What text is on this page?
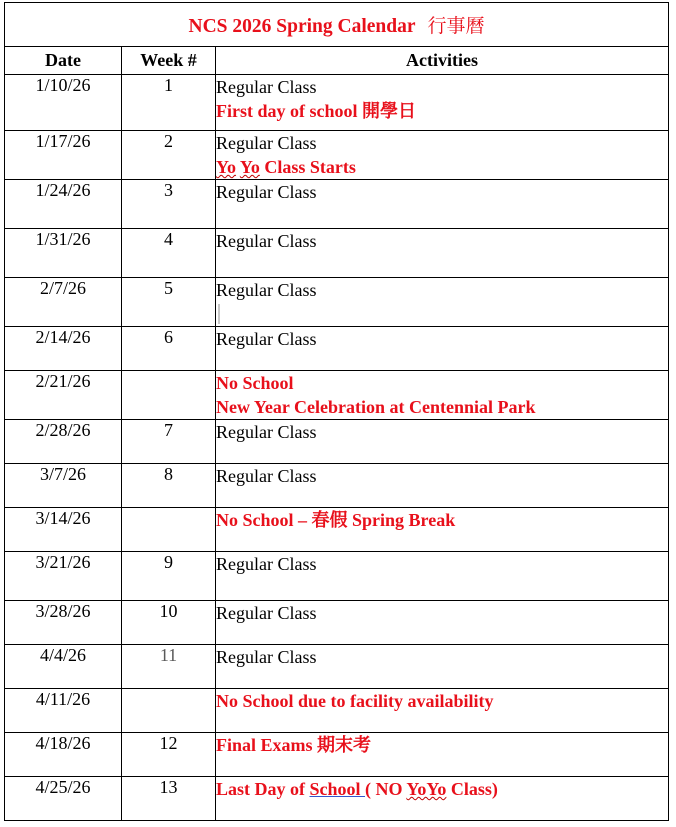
NCS 2026 Spring Calendar 行事曆		
Date	Week #	Activities
1/10/26	1	Regular Class
First day of school 開學日

1/17/26	2	Regular Class
Yo Yo Class Starts

1/24/26	3	Regular Class

1/31/26	4	Regular Class

2/7/26	5	Regular Class

2/14/26	6	Regular Class

2/21/26		No School
New Year Celebration at Centennial Park

2/28/26	7	Regular Class

3/7/26	8	Regular Class

3/14/26		No School – 春假 Spring Break

3/21/26	9	Regular Class

3/28/26	10	Regular Class

4/4/26	11	Regular Class

4/11/26		No School due to facility availability

4/18/26	12	Final Exams 期末考

4/25/26	13	Last Day of School ( NO YoYo Class)
